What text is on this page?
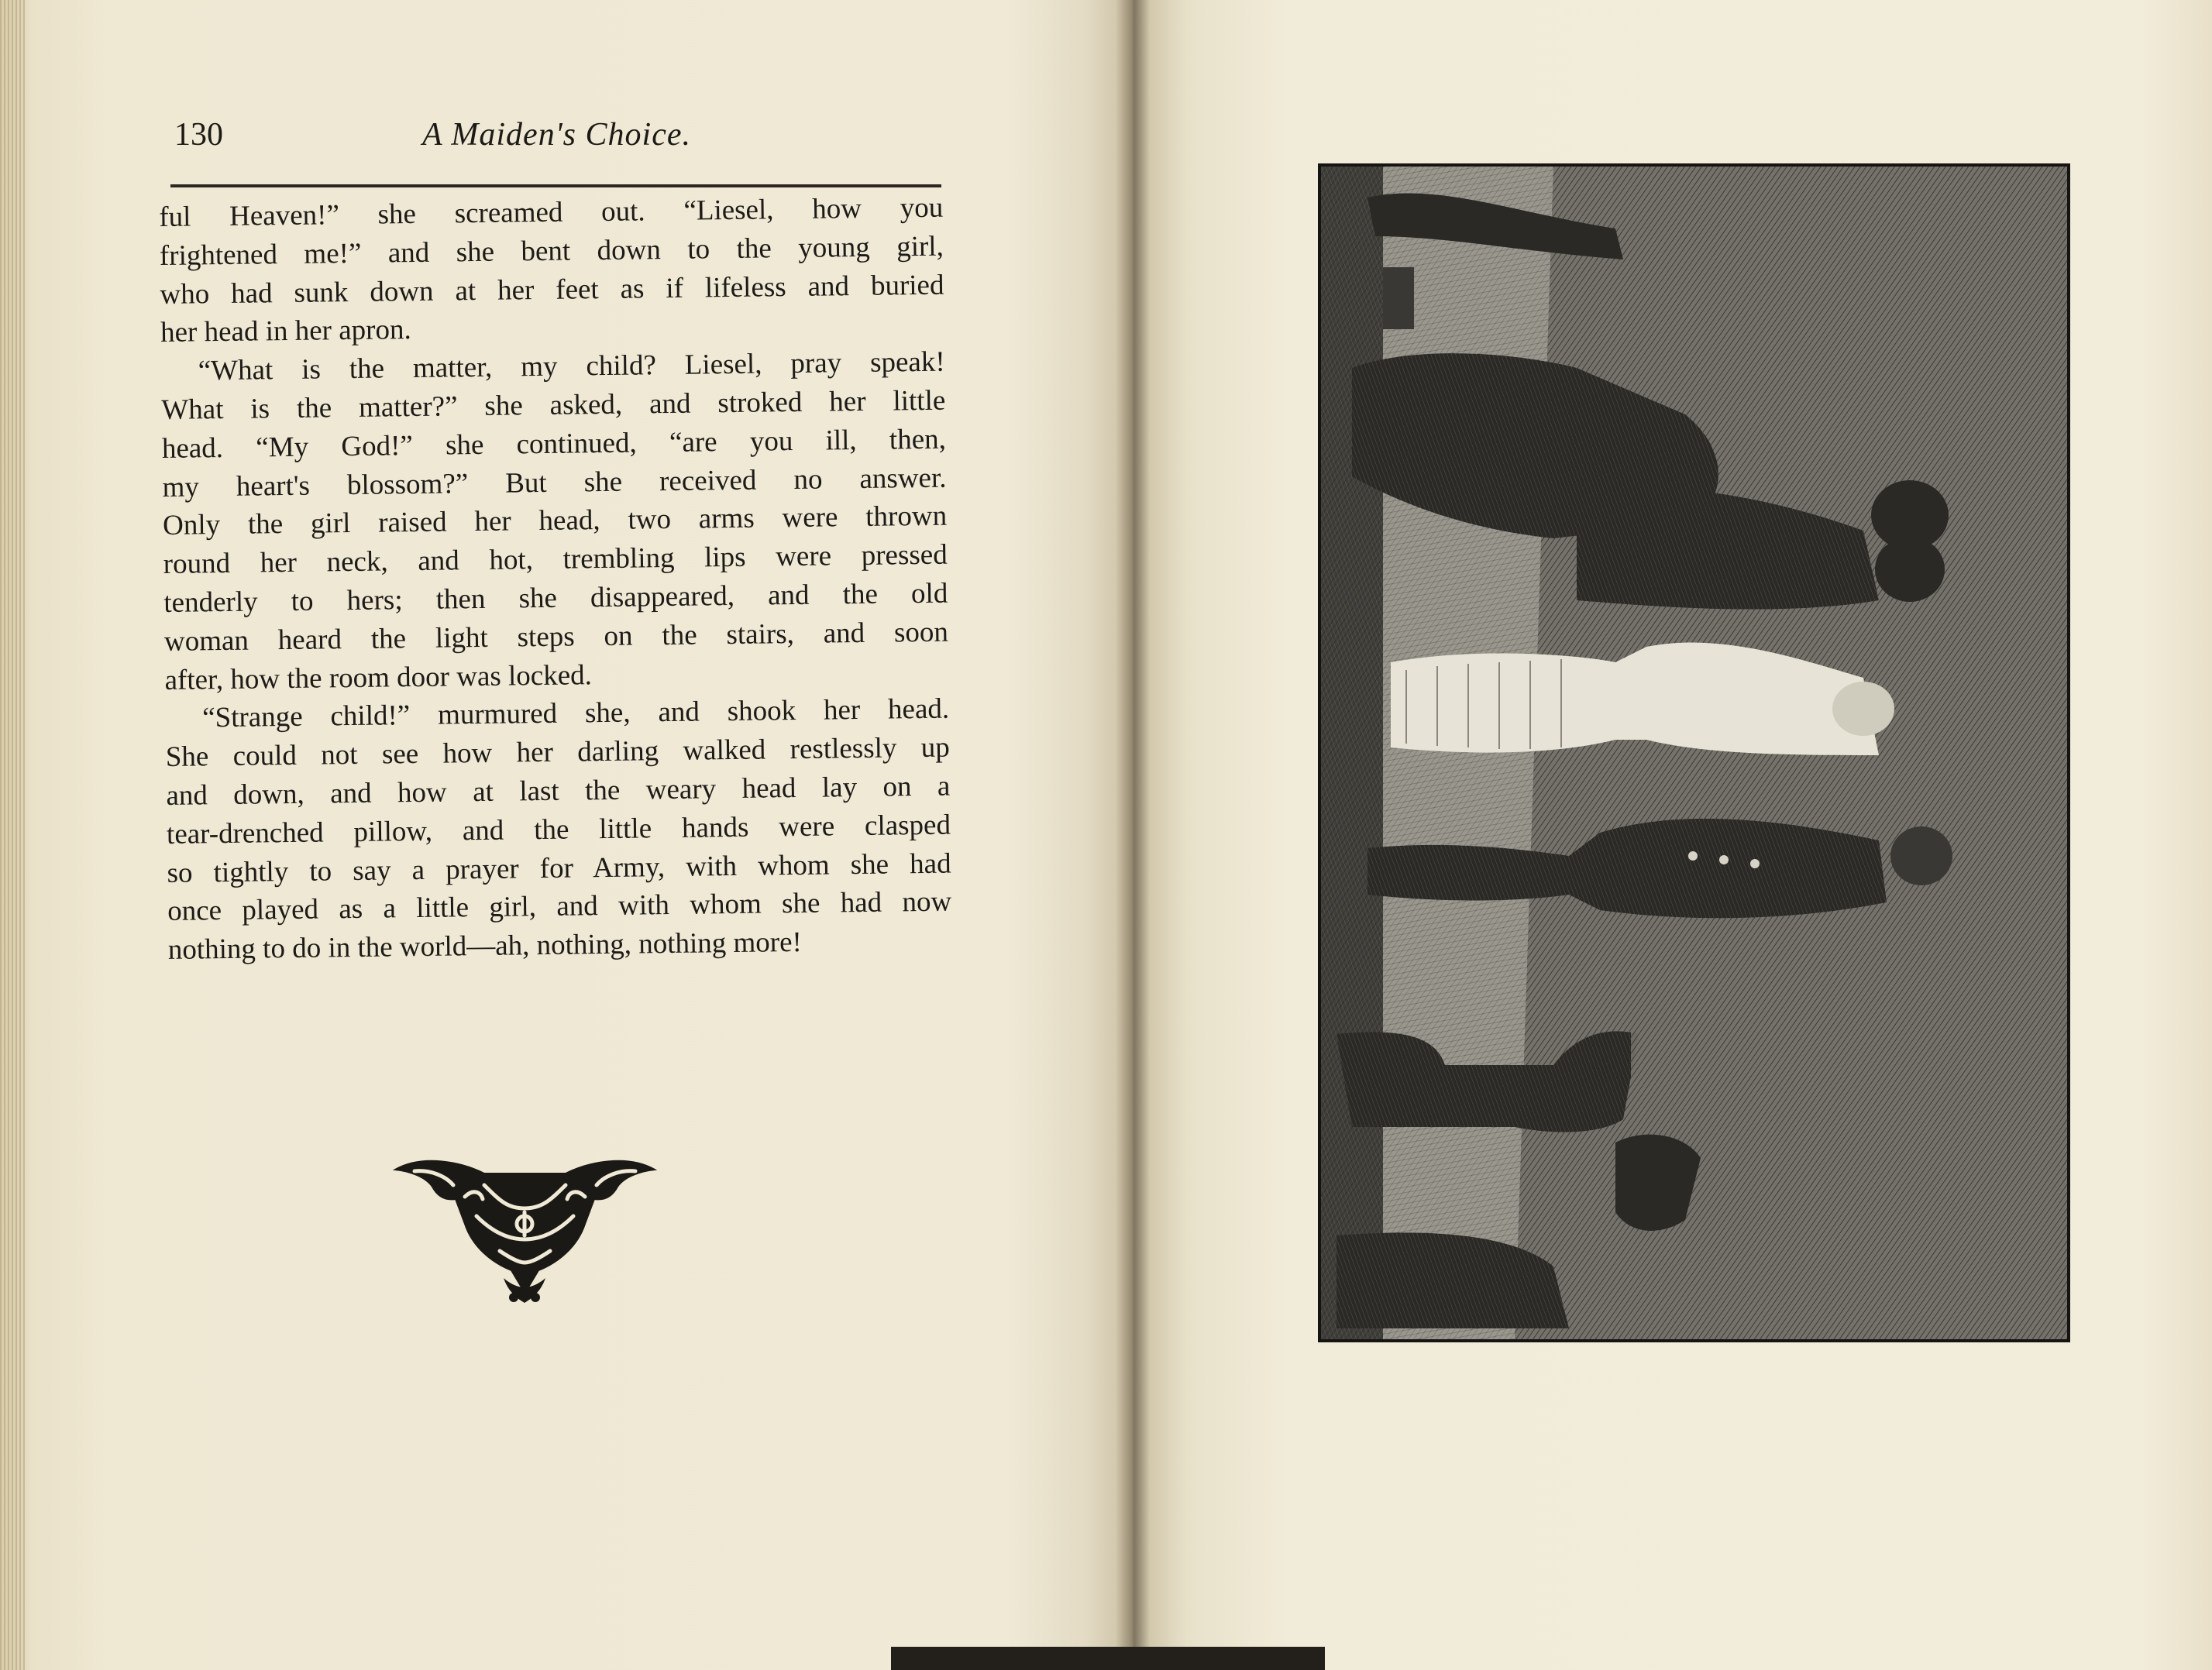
130	A Maiden's Choice.
ful Heaven!” she screamed out. “Liesel, how you
frightened me!” and she bent down to the young girl,
who had sunk down at her feet as if lifeless and buried
her head in her apron.
“What is the matter, my child? Liesel, pray speak!
What is the matter?” she asked, and stroked her little
head. “My God!” she continued, “are you ill, then,
my heart's blossom?” But she received no answer.
Only the girl raised her head, two arms were thrown
round her neck, and hot, trembling lips were pressed
tenderly to hers; then she disappeared, and the old
woman heard the light steps on the stairs, and soon
after, how the room door was locked.
“Strange child!” murmured she, and shook her head.
She could not see how her darling walked restlessly up
and down, and how at last the weary head lay on a
tear-drenched pillow, and the little hands were clasped
so tightly to say a prayer for Army, with whom she had
once played as a little girl, and with whom she had now
nothing to do in the world—ah, nothing, nothing more!
